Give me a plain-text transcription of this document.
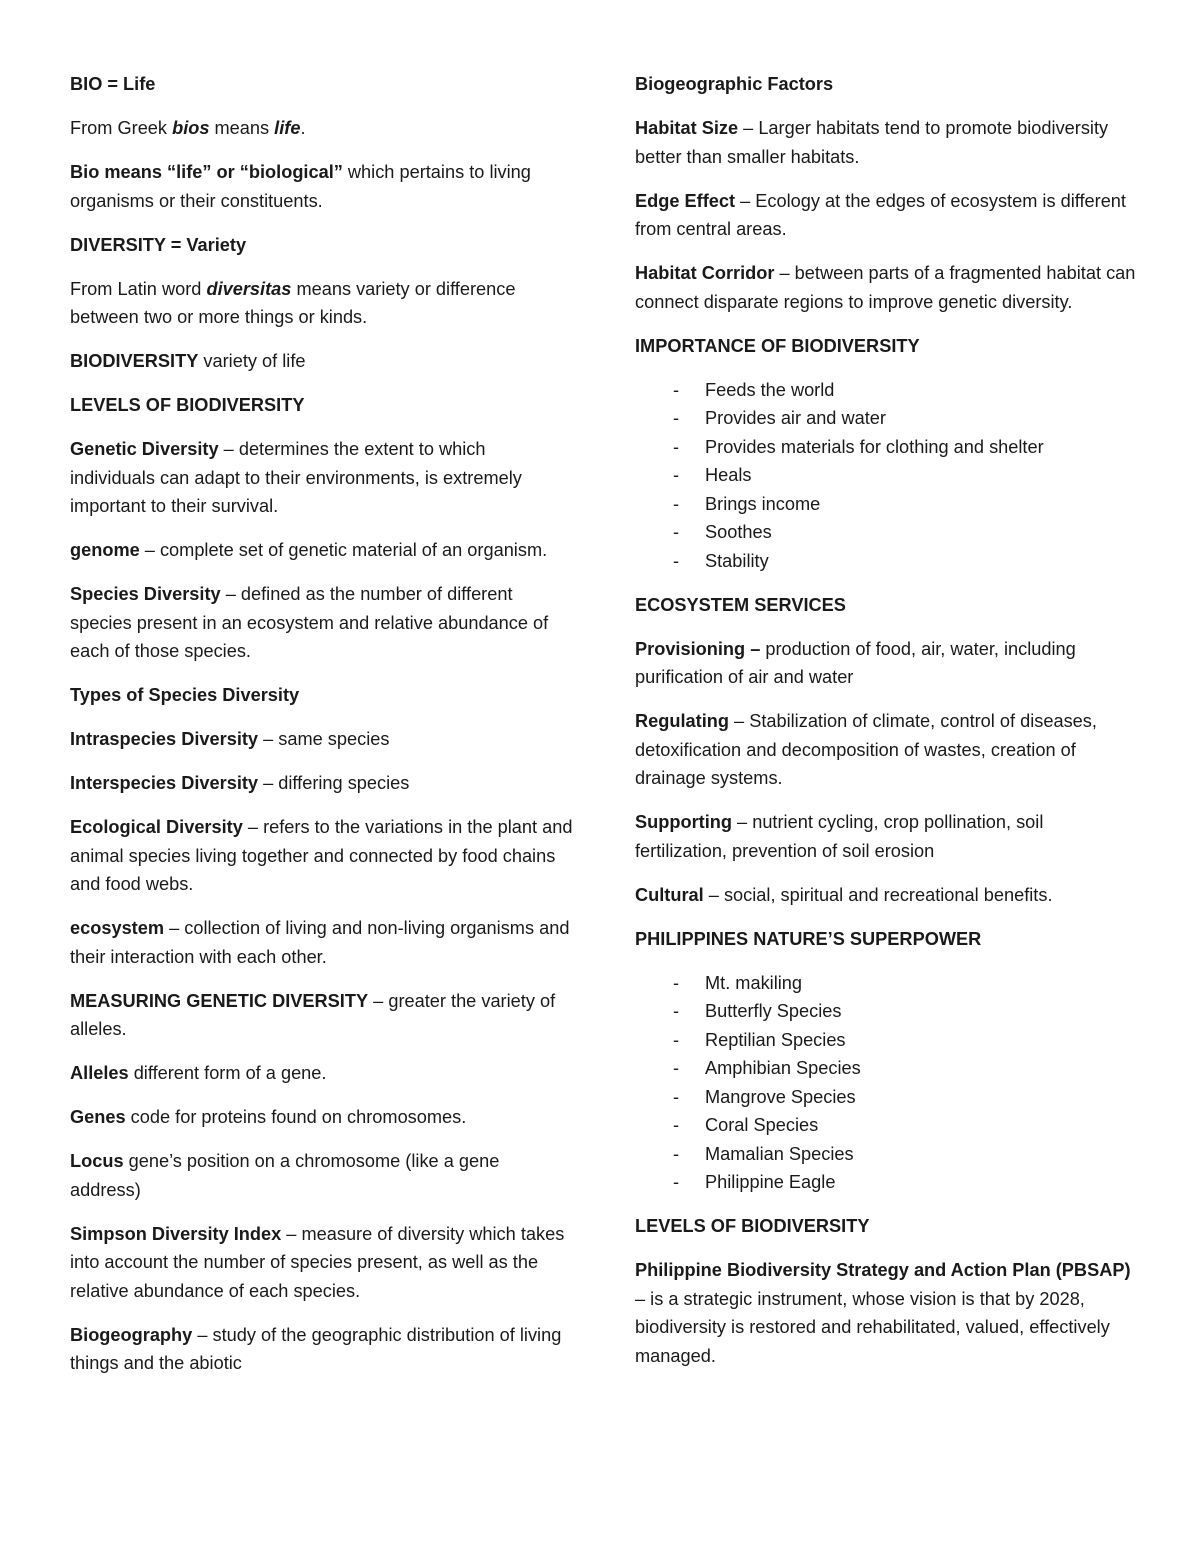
BIO = Life

From Greek bios means life.

Bio means “life” or “biological” which pertains to living organisms or their constituents.

DIVERSITY = Variety

From Latin word diversitas means variety or difference between two or more things or kinds.

BIODIVERSITY variety of life

LEVELS OF BIODIVERSITY

Genetic Diversity – determines the extent to which individuals can adapt to their environments, is extremely important to their survival.

genome – complete set of genetic material of an organism.

Species Diversity – defined as the number of different species present in an ecosystem and relative abundance of each of those species.

Types of Species Diversity

Intraspecies Diversity – same species

Interspecies Diversity – differing species

Ecological Diversity – refers to the variations in the plant and animal species living together and connected by food chains and food webs.

ecosystem – collection of living and non-living organisms and their interaction with each other.

MEASURING GENETIC DIVERSITY – greater the variety of alleles.

Alleles different form of a gene.

Genes code for proteins found on chromosomes.

Locus gene’s position on a chromosome (like a gene address)

Simpson Diversity Index – measure of diversity which takes into account the number of species present, as well as the relative abundance of each species.

Biogeography – study of the geographic distribution of living things and the abiotic

Biogeographic Factors

Habitat Size – Larger habitats tend to promote biodiversity better than smaller habitats.

Edge Effect – Ecology at the edges of ecosystem is different from central areas.

Habitat Corridor – between parts of a fragmented habitat can connect disparate regions to improve genetic diversity.

IMPORTANCE OF BIODIVERSITY

- Feeds the world
- Provides air and water
- Provides materials for clothing and shelter
- Heals
- Brings income
- Soothes
- Stability

ECOSYSTEM SERVICES

Provisioning – production of food, air, water, including purification of air and water

Regulating – Stabilization of climate, control of diseases, detoxification and decomposition of wastes, creation of drainage systems.

Supporting – nutrient cycling, crop pollination, soil fertilization, prevention of soil erosion

Cultural – social, spiritual and recreational benefits.

PHILIPPINES NATURE’S SUPERPOWER

- Mt. makiling
- Butterfly Species
- Reptilian Species
- Amphibian Species
- Mangrove Species
- Coral Species
- Mamalian Species
- Philippine Eagle

LEVELS OF BIODIVERSITY

Philippine Biodiversity Strategy and Action Plan (PBSAP) – is a strategic instrument, whose vision is that by 2028, biodiversity is restored and rehabilitated, valued, effectively managed.
